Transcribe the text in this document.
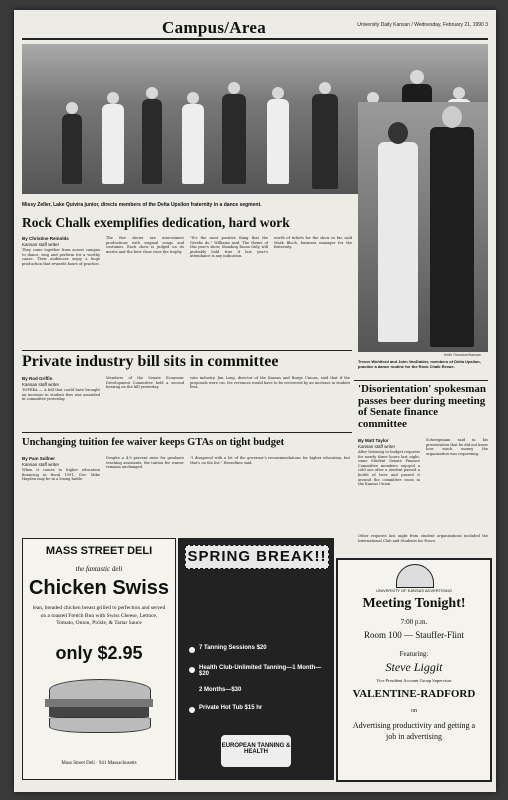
Campus/Area	University Daily Kansan / Wednesday, February 21, 1990 3
Missy Zeller, Lake Quivira junior, directs members of the Delta Upsilon fraternity in a dance segment.
Rock Chalk exemplifies dedication, hard work
By Christine Reinolds
Kansan staff writer
They come together from across campus to dance, sing and perform for a worthy cause. Their audiences enjoy a huge production that rewards hours of practice.
The five shows are nine-minute productions with original songs and costumes. Each show is judged on its merits and the best show wins the trophy.
"It's the most positive thing that the Greeks do," Williams said. The theme of this year's show, Standing Room Only, will probably hold true if last year's attendance is any indication.
worth of tickets for the show so far, said Mark Bloch, business manager for the fraternity.
Keith Theodore/Kansan
Trevor Wohlford and John VanDalder, members of Delta Upsilon, practice a dance routine for the Rock Chalk Revue.
Private industry bill sits in committee
By Rod Griffin
Kansan staff writer
TOPEKA — A bill that could have brought an increase in student fees was amended in committee yesterday.
Members of the Senate Economic Development Committee held a second hearing on the bill yesterday.
vate industry. Jim Long, director of the Kansas and Burge Unions, said that if the proposals were cut, fee revenues would have to be recovered by an increase in student fees.	'Disorientation' spokesman passes beer during meeting of Senate finance committee
By Matt Taylor
Kansan staff writer
After listening to budget requests for nearly three hours last night, some Student Senate Finance Committee members enjoyed a cold one after a student passed a bottle of beer and passed it around the committee room in the Kansas Union.
Schwegmann said in his presentation that he did not know how much money the organization was requesting.
Unchanging tuition fee waiver keeps GTAs on tight budget
By Pam Sollner
Kansan staff writer
When it comes to higher education financing in fiscal 1991, Gov. Mike Hayden may be in a losing battle.
Despite a 4.9 percent raise for graduate teaching assistants, the tuition fee waiver remains unchanged.
"I disagreed with a lot of the governor's recommendations for higher education, but that's on the list," Hesseltine said.
Other requests last night from student organizations included the International Club and Students for Peace.
MASS STREET DELI
the fantastic deli
Chicken Swiss
lean, breaded chicken breast grilled to perfection and served on a toasted French Bun with Swiss Cheese, Lettuce, Tomato, Onion, Pickle, & Tartar Sauce
only $2.95
Mass Street Deli · 941 Massachusetts
SPRING BREAK!!
7 Tanning Sessions $20
Health Club-Unlimited Tanning—1 Month—$20
2 Months—$30
Private Hot Tub $15 hr
EUROPEAN TANNING & HEALTH
UNIVERSITY OF KANSAS ADVERTISING
Meeting Tonight!
7:00 p.m.
Room 100 — Stauffer-Flint
Featuring:
Steve Liggit
Vice President Account Group Supervisor
VALENTINE-RADFORD
on
Advertising productivity and getting a job in advertising
